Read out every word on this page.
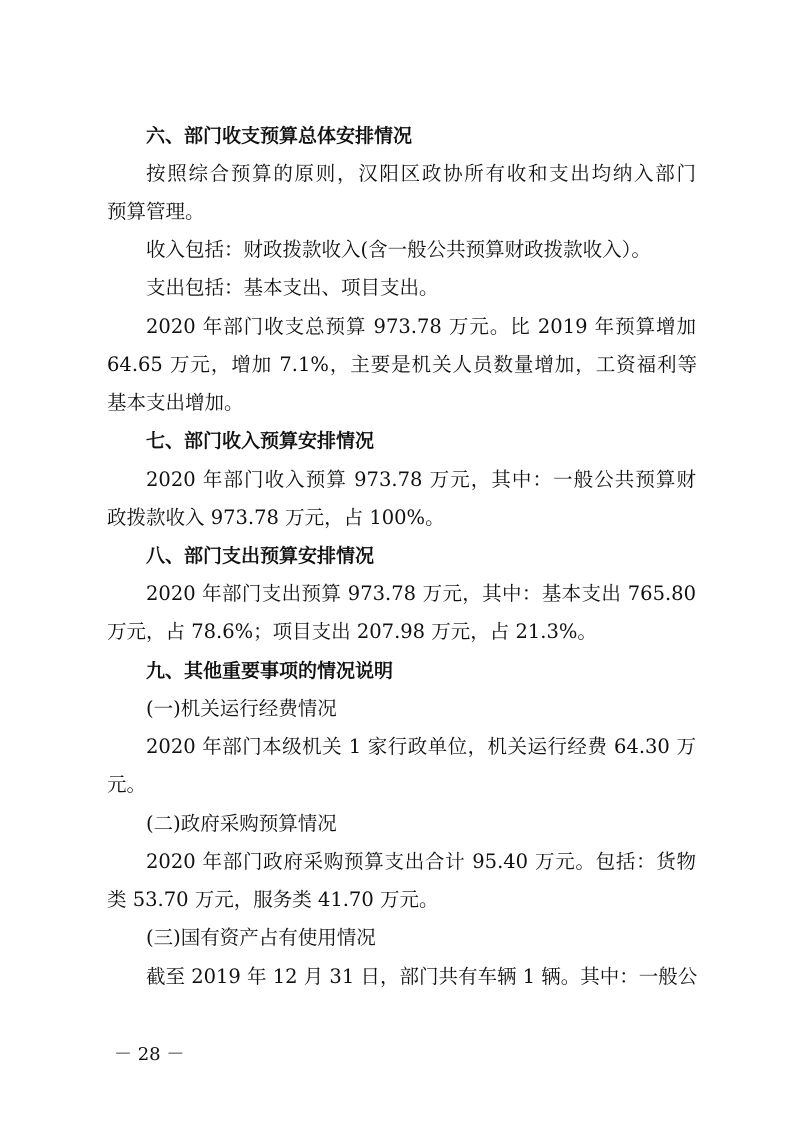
六、部门收支预算总体安排情况
按照综合预算的原则，汉阳区政协所有收和支出均纳入部门
预算管理。
收入包括：财政拨款收入(含一般公共预算财政拨款收入）。
支出包括：基本支出、项目支出。
2020 年部门收支总预算 973.78 万元。比 2019 年预算增加
64.65 万元，增加 7.1%，主要是机关人员数量增加，工资福利等
基本支出增加。
七、部门收入预算安排情况
2020 年部门收入预算 973.78 万元，其中：一般公共预算财
政拨款收入 973.78 万元，占 100%。
八、部门支出预算安排情况
2020 年部门支出预算 973.78 万元，其中：基本支出 765.80
万元，占 78.6%；项目支出 207.98 万元，占 21.3%。
九、其他重要事项的情况说明
(一)机关运行经费情况
2020 年部门本级机关 1 家行政单位，机关运行经费 64.30 万
元。
(二)政府采购预算情况
2020 年部门政府采购预算支出合计 95.40 万元。包括：货物
类 53.70 万元，服务类 41.70 万元。
(三)国有资产占有使用情况
截至 2019 年 12 月 31 日，部门共有车辆 1 辆。其中：一般公
－ 28 －
